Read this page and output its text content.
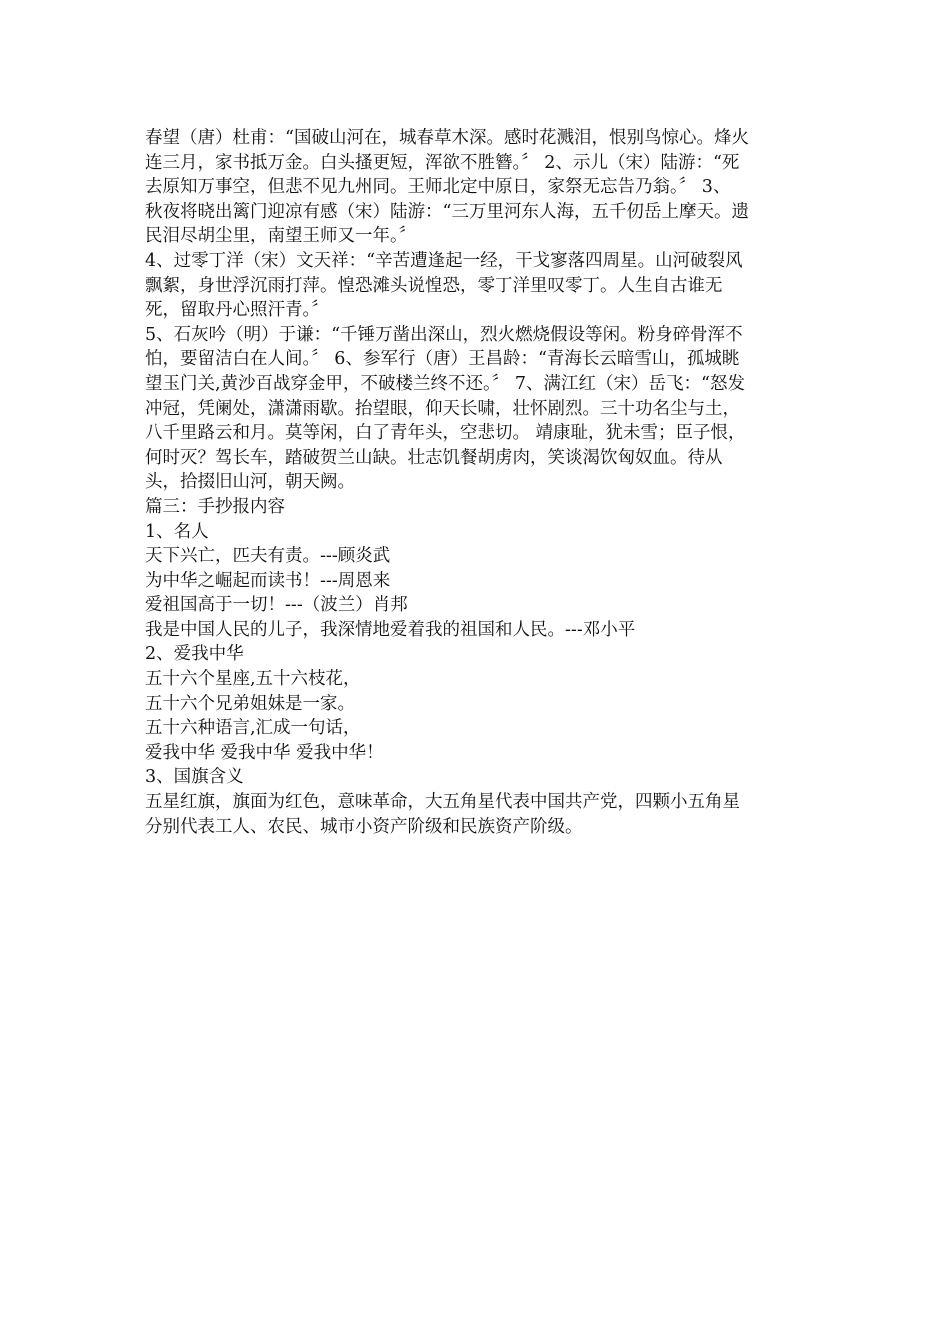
春望（唐）杜甫：“国破山河在，城春草木深。感时花溅泪，恨别鸟惊心。烽火
连三月，家书抵万金。白头搔更短，浑欲不胜簪。〞 2、示儿（宋）陆游：“死
去原知万事空，但悲不见九州同。王师北定中原日，家祭无忘告乃翁。〞 3、
秋夜将晓出篱门迎凉有感（宋）陆游：“三万里河东人海，五千仞岳上摩天。遗
民泪尽胡尘里，南望王师又一年。〞
4、过零丁洋（宋）文天祥：“辛苦遭逢起一经，干戈寥落四周星。山河破裂风
飘絮，身世浮沉雨打萍。惶恐滩头说惶恐，零丁洋里叹零丁。人生自古谁无
死，留取丹心照汗青。〞
5、石灰吟（明）于谦：“千锤万凿出深山，烈火燃烧假设等闲。粉身碎骨浑不
怕，要留洁白在人间。〞 6、参军行（唐）王昌龄：“青海长云暗雪山，孤城眺
望玉门关,黄沙百战穿金甲，不破楼兰终不还。〞 7、满江红（宋）岳飞：“怒发
冲冠，凭阑处，潇潇雨歇。抬望眼，仰天长啸，壮怀剧烈。三十功名尘与土，
八千里路云和月。莫等闲，白了青年头，空悲切。 靖康耻，犹未雪；臣子恨，
何时灭？驾长车，踏破贺兰山缺。壮志饥餐胡虏肉，笑谈渴饮匈奴血。待从
头，拾掇旧山河，朝天阙。
篇三：手抄报内容
1、名人
天下兴亡，匹夫有责。---顾炎武
为中华之崛起而读书！---周恩来
爱祖国高于一切！---（波兰）肖邦
我是中国人民的儿子，我深情地爱着我的祖国和人民。---邓小平
2、爱我中华
五十六个星座,五十六枝花，
五十六个兄弟姐妹是一家。
五十六种语言,汇成一句话，
爱我中华 爱我中华 爱我中华！
3、国旗含义
五星红旗，旗面为红色，意味革命，大五角星代表中国共产党，四颗小五角星
分别代表工人、农民、城市小资产阶级和民族资产阶级。
